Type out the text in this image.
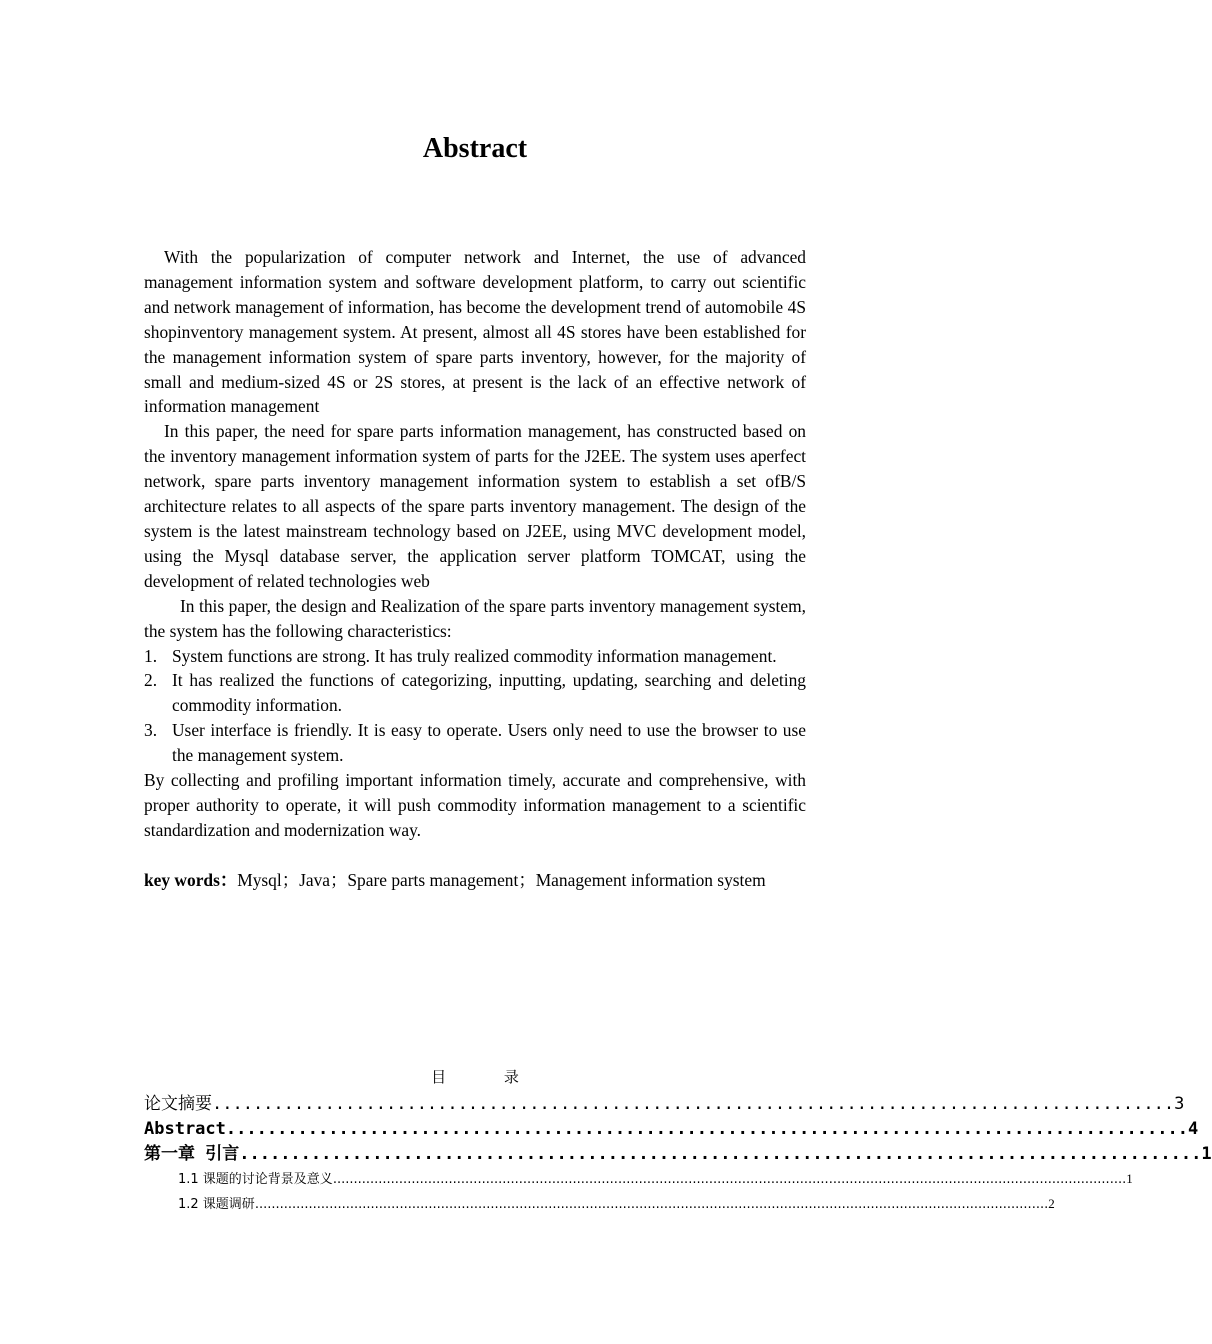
Abstract

With the popularization of computer network and Internet, the use of advanced management information system and software development platform, to carry out scientific and network management of information, has become the development trend of automobile 4S shopinventory management system. At present, almost all 4S stores have been established for the management information system of spare parts inventory, however, for the majority of small and medium-sized 4S or 2S stores, at present is the lack of an effective network of information management

In this paper, the need for spare parts information management, has constructed based on the inventory management information system of parts for the J2EE. The system uses aperfect network, spare parts inventory management information system to establish a set ofB/S architecture relates to all aspects of the spare parts inventory management. The design of the system is the latest mainstream technology based on J2EE, using MVC development model, using the Mysql database server, the application server platform TOMCAT, using the development of related technologies web

In this paper, the design and Realization of the spare parts inventory management system, the system has the following characteristics:

1. System functions are strong. It has truly realized commodity information management.
2. It has realized the functions of categorizing, inputting, updating, searching and deleting commodity information.
3. User interface is friendly. It is easy to operate. Users only need to use the browser to use the management system.

By collecting and profiling important information timely, accurate and comprehensive, with proper authority to operate, it will push commodity information management to a scientific standardization and modernization way.

key words：Mysql；Java；Spare parts management；Management information system

目 录
论文摘要 .............................................................................................. 3
Abstract .............................................................................................. 4
第一章 引言 .............................................................................................. 1
1.1 课题的讨论背景及意义 ................................................................................................................................................................................................ 1
1.2 课题调研 ................................................................................................................................................................................................ 2
